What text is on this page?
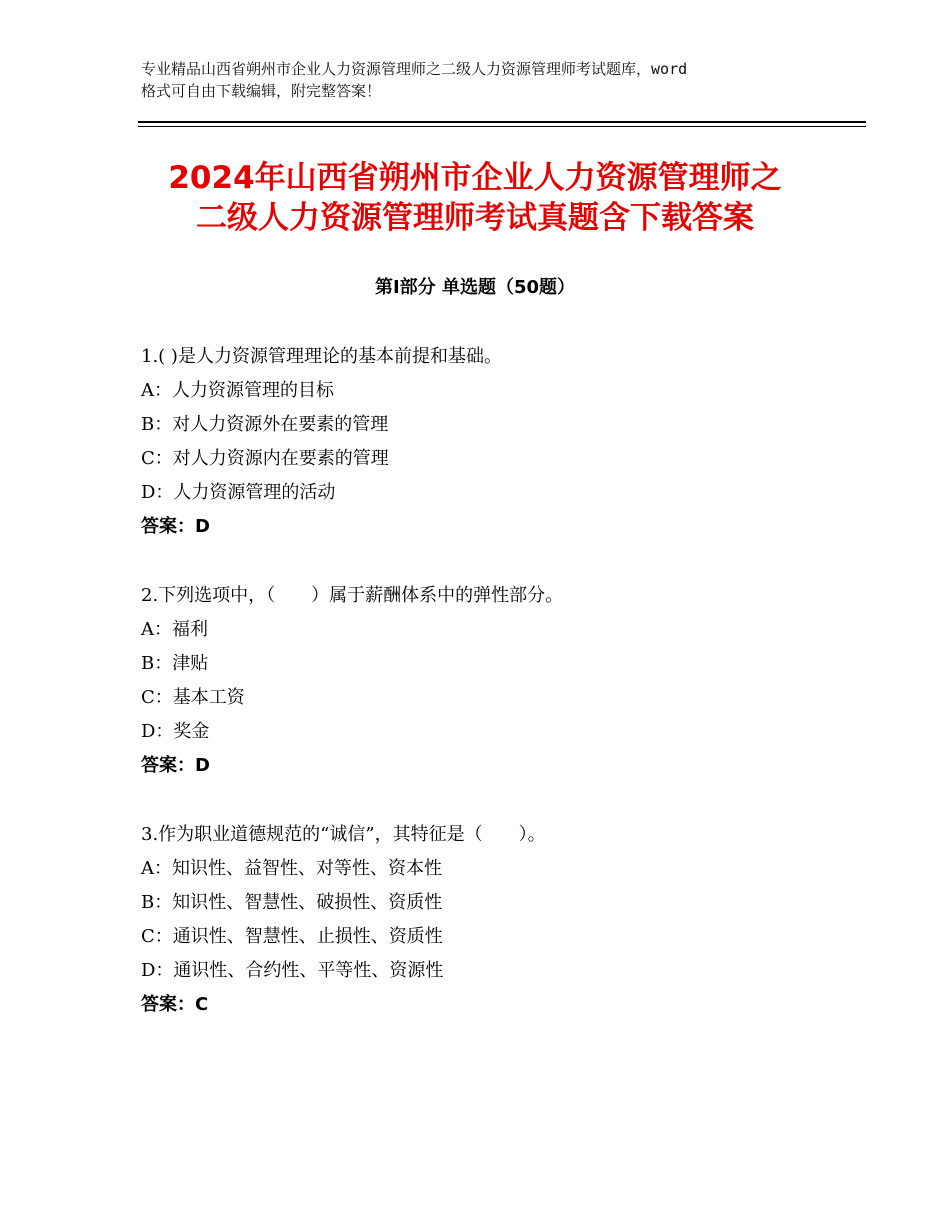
专业精品山西省朔州市企业人力资源管理师之二级人力资源管理师考试题库，word
格式可自由下载编辑，附完整答案！
2024年山西省朔州市企业人力资源管理师之
二级人力资源管理师考试真题含下载答案
第Ⅰ部分 单选题（50题）
1.( )是人力资源管理理论的基本前提和基础。
A：人力资源管理的目标
B：对人力资源外在要素的管理
C：对人力资源内在要素的管理
D：人力资源管理的活动
答案：D
2.下列选项中，（　　）属于薪酬体系中的弹性部分。
A：福利
B：津贴
C：基本工资
D：奖金
答案：D
3.作为职业道德规范的“诚信”，其特征是（　　）。
A：知识性、益智性、对等性、资本性
B：知识性、智慧性、破损性、资质性
C：通识性、智慧性、止损性、资质性
D：通识性、合约性、平等性、资源性
答案：C
